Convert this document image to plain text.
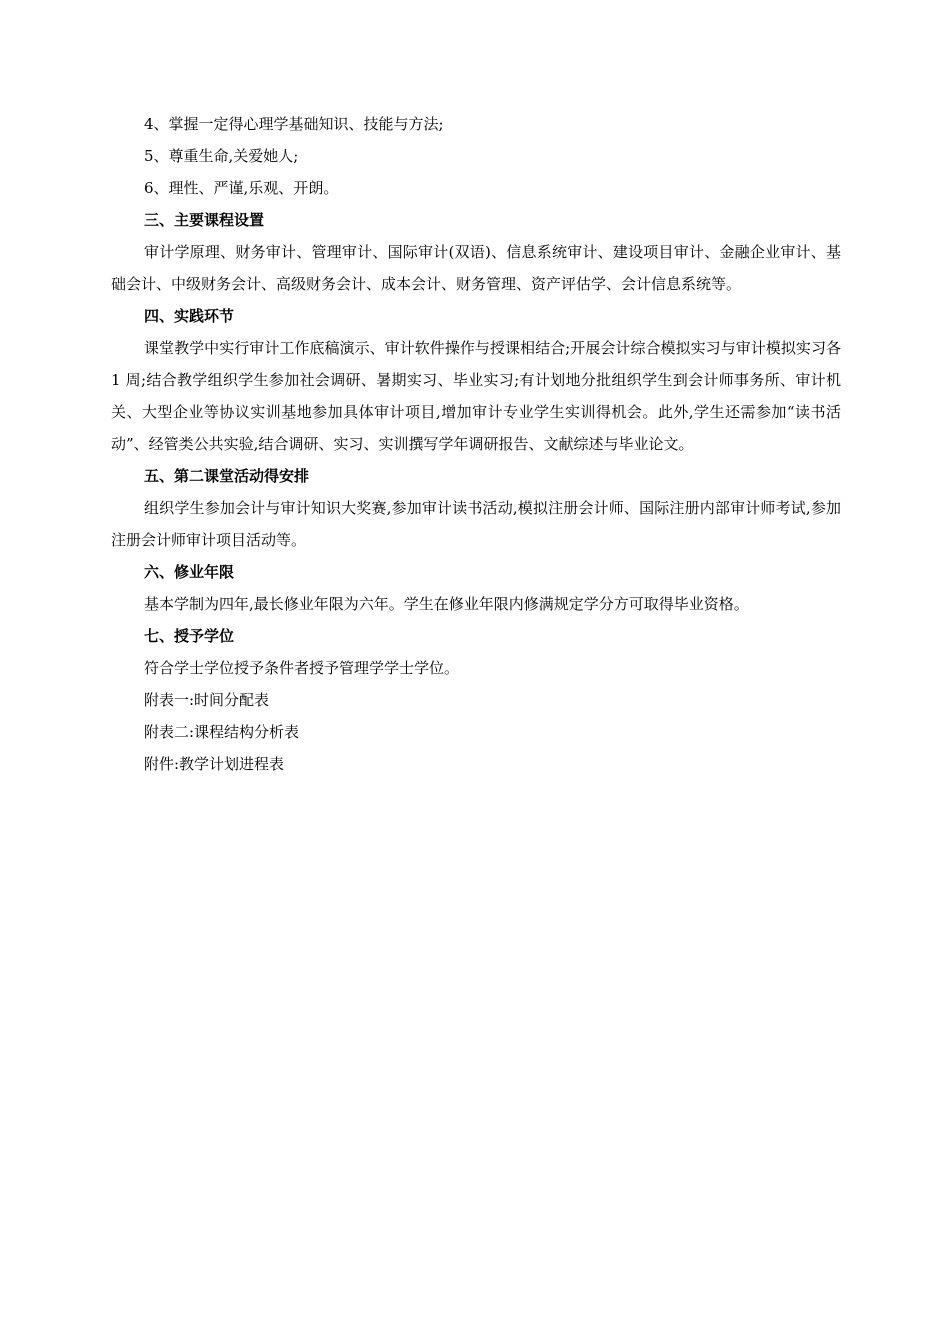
4、掌握一定得心理学基础知识、技能与方法;
5、尊重生命,关爱她人;
6、理性、严谨,乐观、开朗。
三、主要课程设置
审计学原理、财务审计、管理审计、国际审计(双语)、信息系统审计、建设项目审计、金融企业审计、基础会计、中级财务会计、高级财务会计、成本会计、财务管理、资产评估学、会计信息系统等。
四、实践环节
课堂教学中实行审计工作底稿演示、审计软件操作与授课相结合;开展会计综合模拟实习与审计模拟实习各 1 周;结合教学组织学生参加社会调研、暑期实习、毕业实习;有计划地分批组织学生到会计师事务所、审计机关、大型企业等协议实训基地参加具体审计项目,增加审计专业学生实训得机会。此外,学生还需参加“读书活动”、经管类公共实验,结合调研、实习、实训撰写学年调研报告、文献综述与毕业论文。
五、第二课堂活动得安排
组织学生参加会计与审计知识大奖赛,参加审计读书活动,模拟注册会计师、国际注册内部审计师考试,参加注册会计师审计项目活动等。
六、修业年限
基本学制为四年,最长修业年限为六年。学生在修业年限内修满规定学分方可取得毕业资格。
七、授予学位
符合学士学位授予条件者授予管理学学士学位。
附表一:时间分配表
附表二:课程结构分析表
附件:教学计划进程表
